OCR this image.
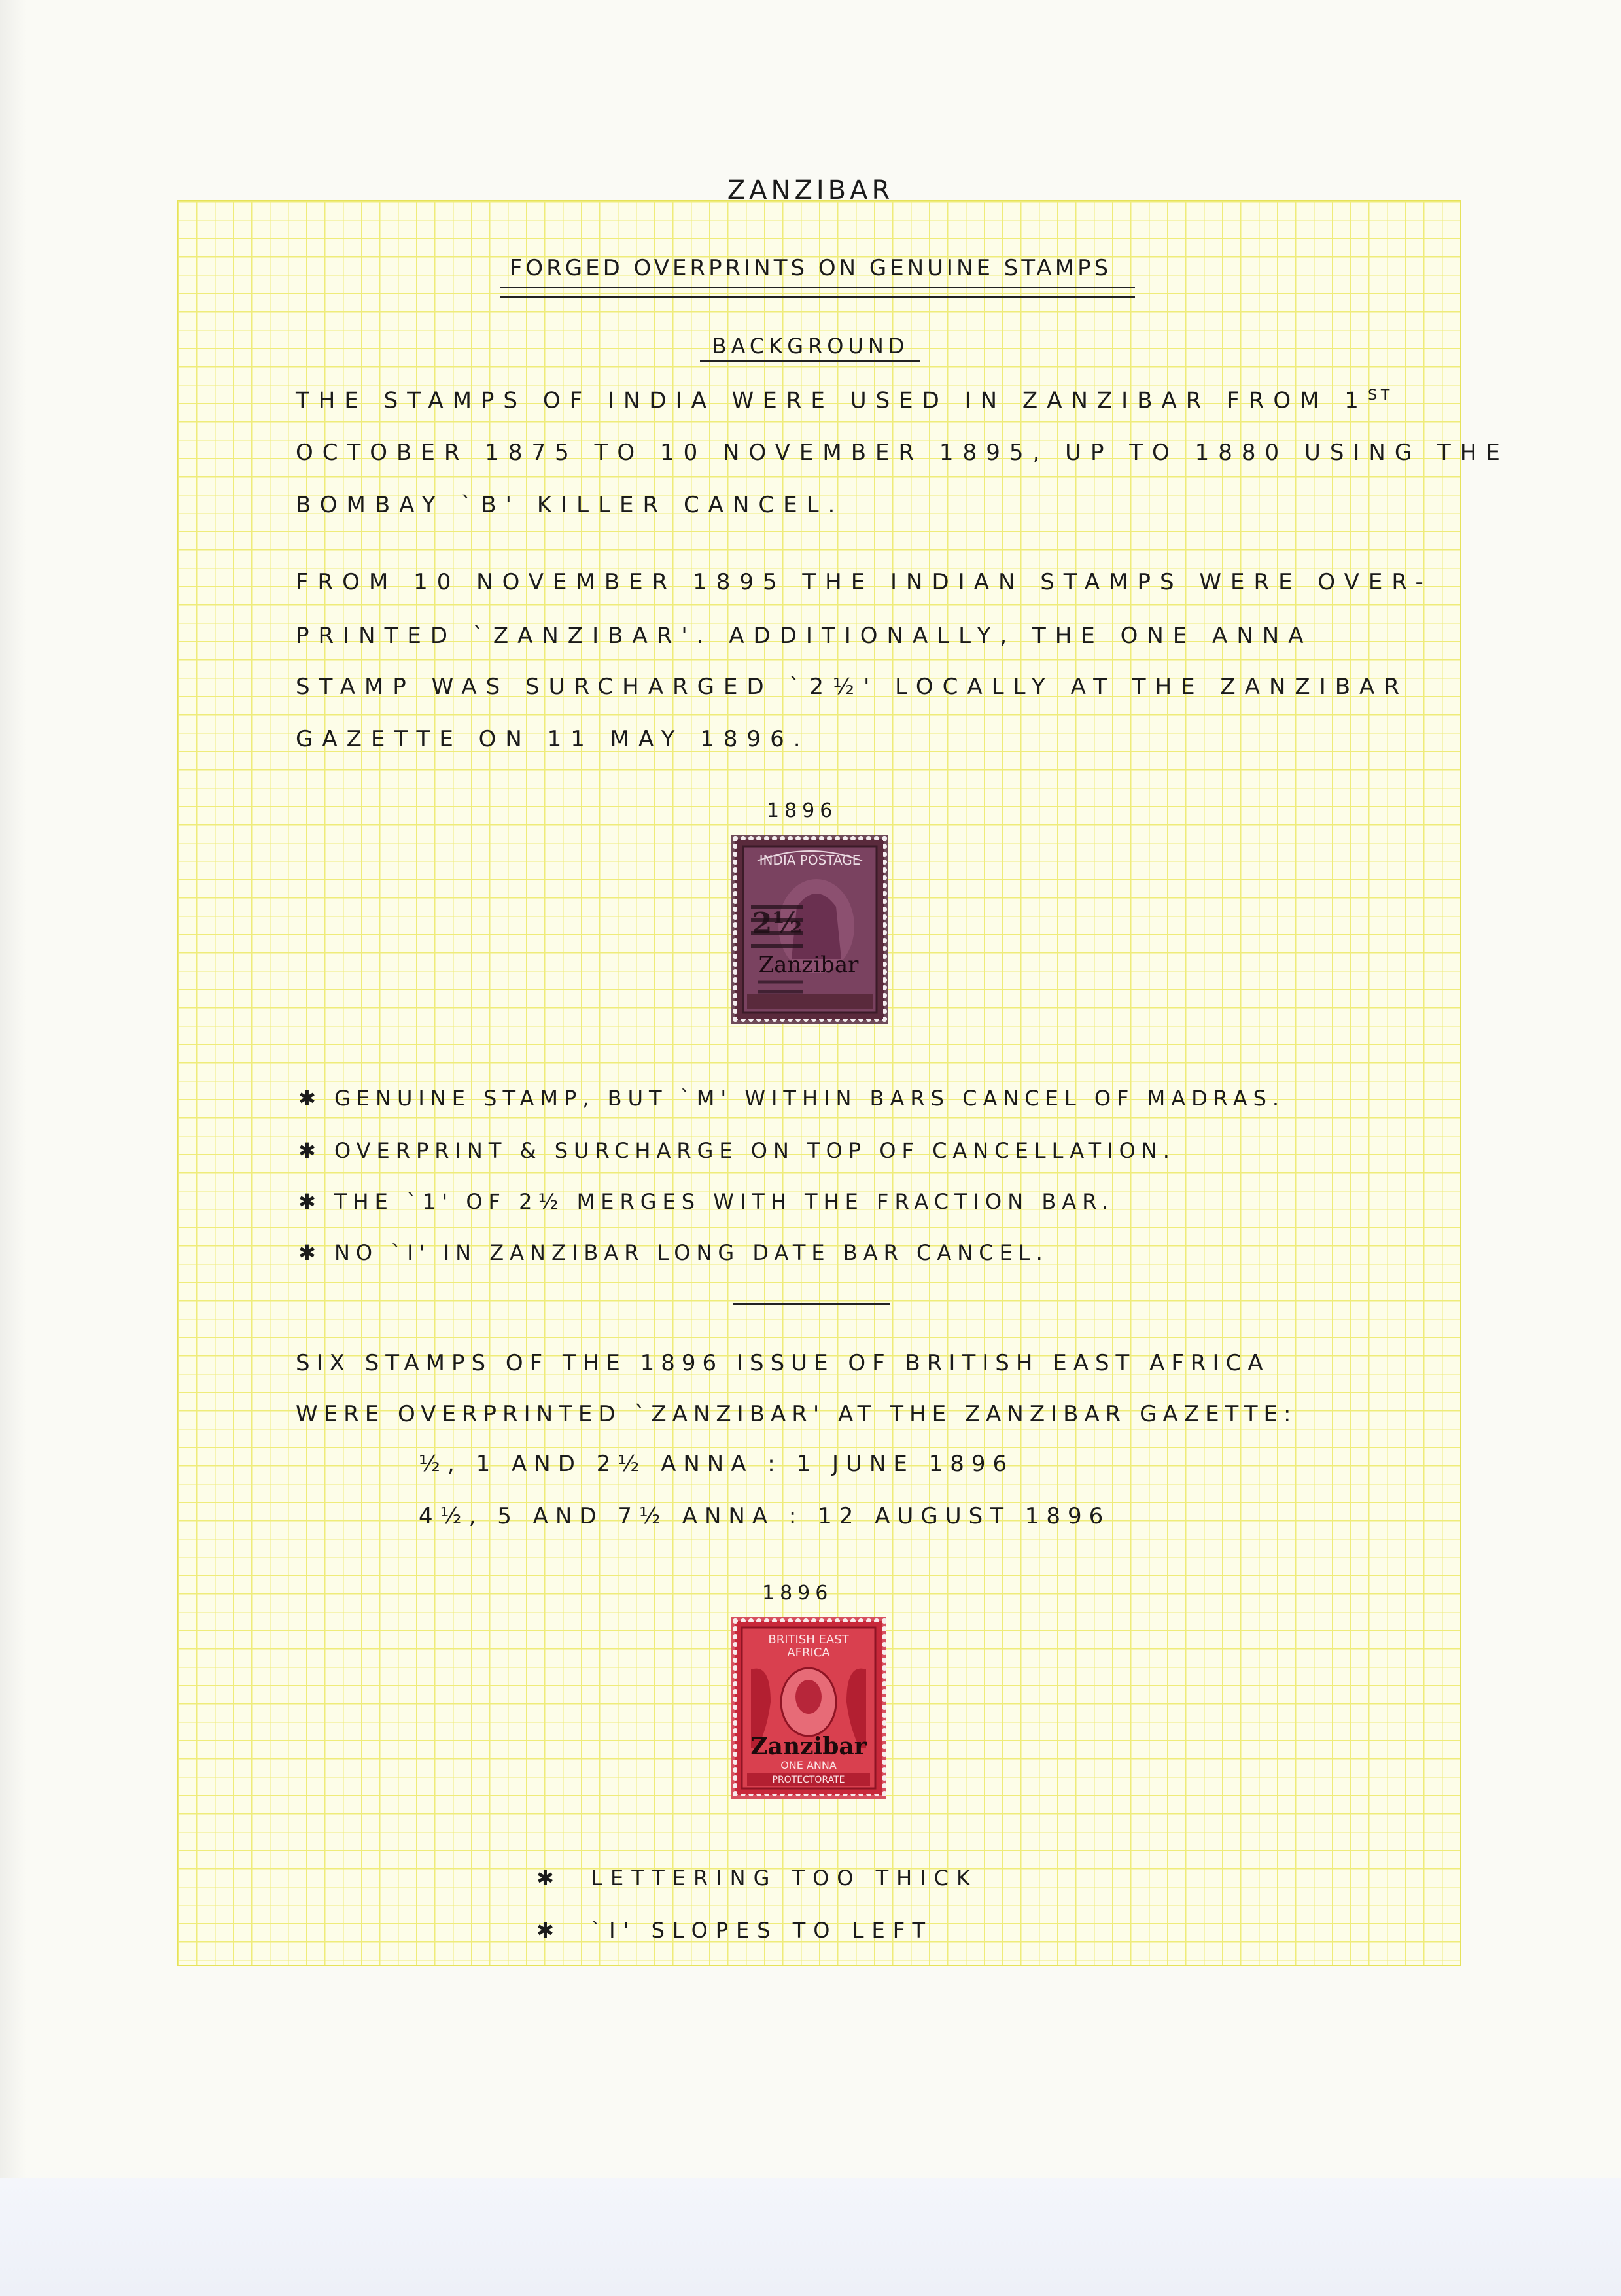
ZANZIBAR
FORGED OVERPRINTS ON GENUINE STAMPS
BACKGROUND
THE STAMPS OF INDIA WERE USED IN ZANZIBAR FROM 1ST
OCTOBER 1875 TO 10 NOVEMBER 1895, UP TO 1880 USING THE
BOMBAY `B' KILLER CANCEL.
FROM 10 NOVEMBER 1895 THE INDIAN STAMPS WERE OVER-
PRINTED `ZANZIBAR'. ADDITIONALLY, THE ONE ANNA
STAMP WAS SURCHARGED `2½' LOCALLY AT THE ZANZIBAR
GAZETTE ON 11 MAY 1896.
1896
INDIA POSTAGE
2½
Zanzibar
✱ GENUINE STAMP, BUT `M' WITHIN BARS CANCEL OF MADRAS.
✱ OVERPRINT & SURCHARGE ON TOP OF CANCELLATION.
✱ THE `1' OF 2½ MERGES WITH THE FRACTION BAR.
✱ NO `I' IN ZANZIBAR LONG DATE BAR CANCEL.
SIX STAMPS OF THE 1896 ISSUE OF BRITISH EAST AFRICA
WERE OVERPRINTED `ZANZIBAR' AT THE ZANZIBAR GAZETTE:
½, 1 AND 2½ ANNA : 1 JUNE 1896
4½, 5 AND 7½ ANNA : 12 AUGUST 1896
1896
BRITISH EAST
AFRICA
Zanzibar
ONE ANNA
PROTECTORATE
✱ LETTERING TOO THICK
✱ `I' SLOPES TO LEFT
